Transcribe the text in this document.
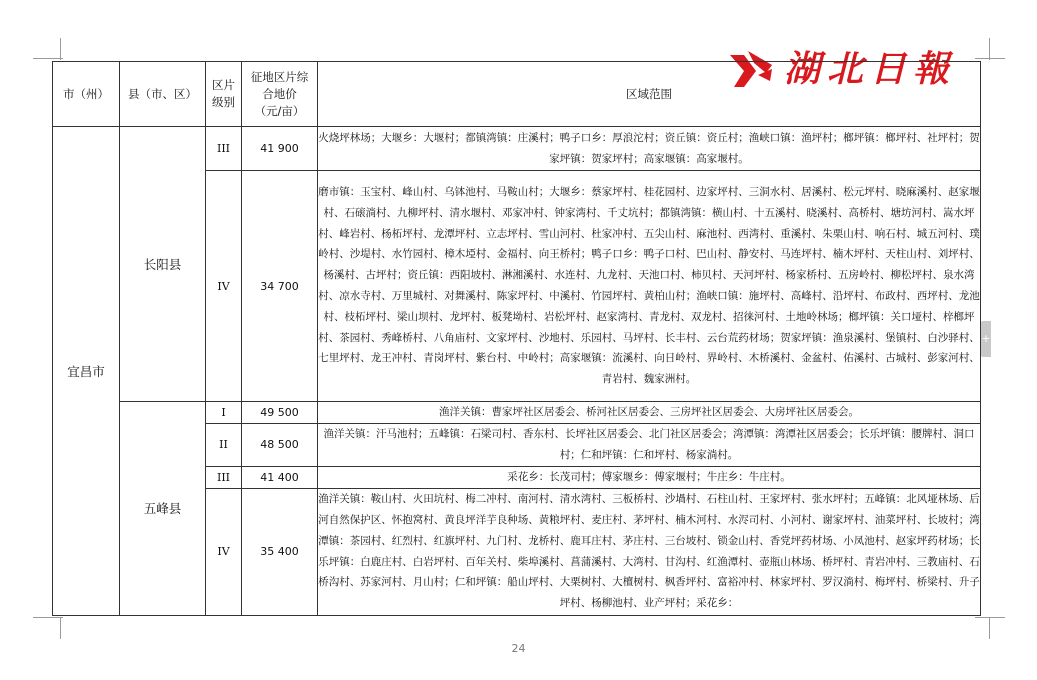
湖北日報
市（州）	县（市、区）	区片级别	征地区片综合地价（元/亩）	区域范围
宜昌市	长阳县	III	41 900	火烧坪林场；大堰乡：大堰村；都镇湾镇：庄溪村；鸭子口乡：厚浪沱村；资丘镇：资丘村；渔峡口镇：渔坪村；榔坪镇：榔坪村、社坪村；贺家坪镇：贺家坪村；高家堰镇：高家堰村。
		IV	34 700	磨市镇：玉宝村、峰山村、乌钵池村、马鞍山村；大堰乡：蔡家坪村、桂花园村、边家坪村、三洞水村、居溪村、松元坪村、晓麻溪村、赵家堰村、石磙淌村、九柳坪村、清水堰村、邓家冲村、钟家湾村、千丈坑村；都镇湾镇：横山村、十五溪村、晓溪村、高桥村、塘坊河村、嵩水坪村、峰岩村、杨柘坪村、龙潭坪村、立志坪村、雪山河村、杜家冲村、五尖山村、麻池村、西湾村、重溪村、朱栗山村、响石村、城五河村、璞岭村、沙堤村、水竹园村、樟木埡村、金福村、向王桥村；鸭子口乡：鸭子口村、巴山村、静安村、马连坪村、楠木坪村、天柱山村、刘坪村、杨溪村、古坪村；资丘镇：西阳坡村、淋湘溪村、水连村、九龙村、天池口村、柿贝村、天河坪村、杨家桥村、五房岭村、柳松坪村、泉水湾村、凉水寺村、万里城村、对舞溪村、陈家坪村、中溪村、竹园坪村、黄柏山村；渔峡口镇：施坪村、高峰村、沿坪村、布政村、西坪村、龙池村、枝柘坪村、梁山坝村、龙坪村、板凳坳村、岩松坪村、赵家湾村、青龙村、双龙村、招徕河村、土地岭林场；榔坪镇：关口垭村、梓榔坪村、茶园村、秀峰桥村、八角庙村、文家坪村、沙地村、乐园村、马坪村、长丰村、云台荒药材场；贺家坪镇：渔泉溪村、堡镇村、白沙驿村、七里坪村、龙王冲村、青岗坪村、紫台村、中岭村；高家堰镇：流溪村、向日岭村、界岭村、木桥溪村、金盆村、佑溪村、古城村、彭家河村、青岩村、魏家洲村。
	五峰县	I	49 500	渔洋关镇：曹家坪社区居委会、桥河社区居委会、三房坪社区居委会、大房坪社区居委会。
		II	48 500	渔洋关镇：汗马池村；五峰镇：石梁司村、香东村、长坪社区居委会、北门社区居委会；湾潭镇：湾潭社区居委会；长乐坪镇：腰牌村、洞口村；仁和坪镇：仁和坪村、杨家淌村。
		III	41 400	采花乡：长茂司村；傅家堰乡：傅家堰村；牛庄乡：牛庄村。
		IV	35 400	渔洋关镇：鞍山村、火田坑村、梅二冲村、南河村、清水湾村、三板桥村、沙堝村、石柱山村、王家坪村、张水坪村；五峰镇：北风垭林场、后河自然保护区、怀抱窝村、黄良坪洋芋良种场、黄粮坪村、麦庄村、茅坪村、楠木河村、水浕司村、小河村、谢家坪村、油菜坪村、长坡村；湾潭镇：茶园村、红烈村、红旗坪村、九门村、龙桥村、鹿耳庄村、茅庄村、三台坡村、锁金山村、香党坪药材场、小凤池村、赵家坪药材场；长乐坪镇：白鹿庄村、白岩坪村、百年关村、柴埠溪村、菖蒲溪村、大湾村、甘沟村、红渔潭村、壶瓶山林场、桥坪村、青岩冲村、三教庙村、石桥沟村、苏家河村、月山村；仁和坪镇：船山坪村、大栗树村、大檀树村、枫香坪村、富裕冲村、林家坪村、罗汉淌村、梅坪村、桥梁村、升子坪村、杨柳池村、业产坪村；采花乡：
+
24
